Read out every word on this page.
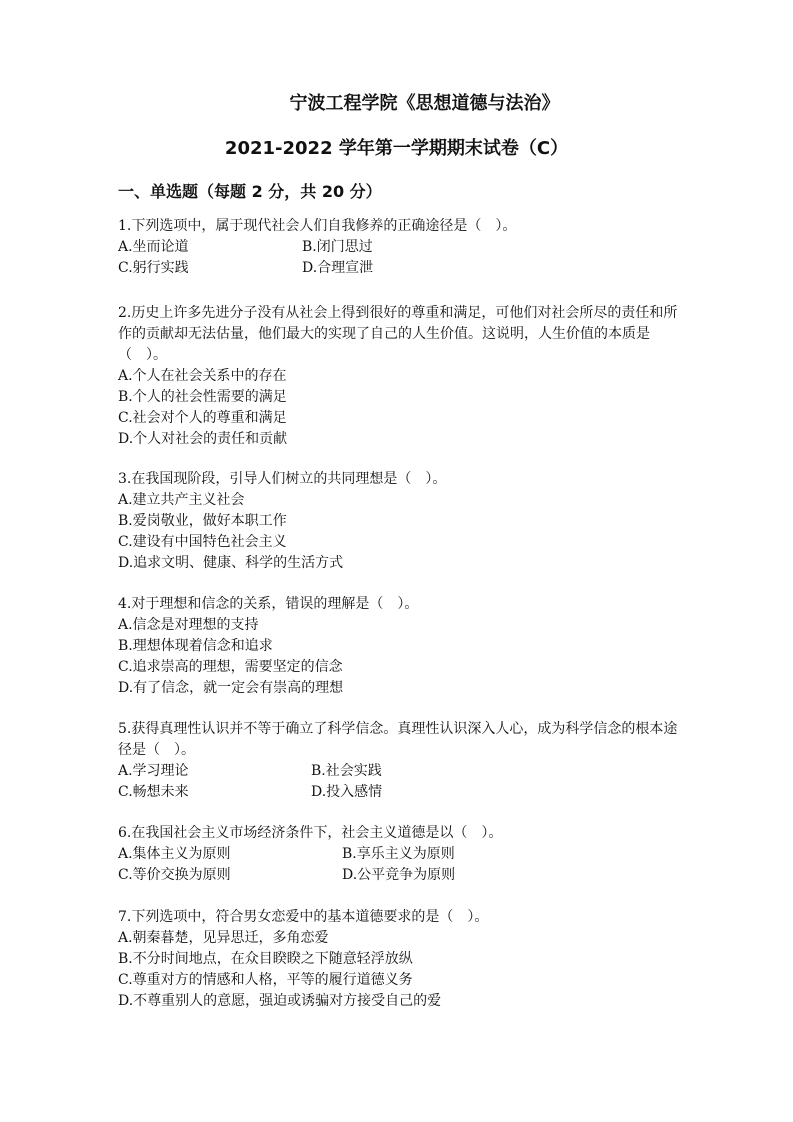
宁波工程学院《思想道德与法治》
2021-2022 学年第一学期期末试卷（C）
一、单选题（每题 2 分，共 20 分）
1.下列选项中，属于现代社会人们自我修养的正确途径是（　）。
A.坐而论道	B.闭门思过
C.躬行实践	D.合理宣泄
2.历史上许多先进分子没有从社会上得到很好的尊重和满足，可他们对社会所尽的责任和所作的贡献却无法估量，他们最大的实现了自己的人生价值。这说明，人生价值的本质是（　）。
A.个人在社会关系中的存在
B.个人的社会性需要的满足
C.社会对个人的尊重和满足
D.个人对社会的责任和贡献
3.在我国现阶段，引导人们树立的共同理想是（　）。
A.建立共产主义社会
B.爱岗敬业，做好本职工作
C.建设有中国特色社会主义
D.追求文明、健康、科学的生活方式
4.对于理想和信念的关系，错误的理解是（　）。
A.信念是对理想的支持
B.理想体现着信念和追求
C.追求崇高的理想，需要坚定的信念
D.有了信念，就一定会有崇高的理想
5.获得真理性认识并不等于确立了科学信念。真理性认识深入人心，成为科学信念的根本途径是（　）。
A.学习理论	B.社会实践
C.畅想未来	D.投入感情
6.在我国社会主义市场经济条件下，社会主义道德是以（　）。
A.集体主义为原则	B.享乐主义为原则
C.等价交换为原则	D.公平竞争为原则
7.下列选项中，符合男女恋爱中的基本道德要求的是（　）。
A.朝秦暮楚，见异思迁，多角恋爱
B.不分时间地点，在众目睽睽之下随意轻浮放纵
C.尊重对方的情感和人格，平等的履行道德义务
D.不尊重别人的意愿，强迫或诱骗对方接受自己的爱
